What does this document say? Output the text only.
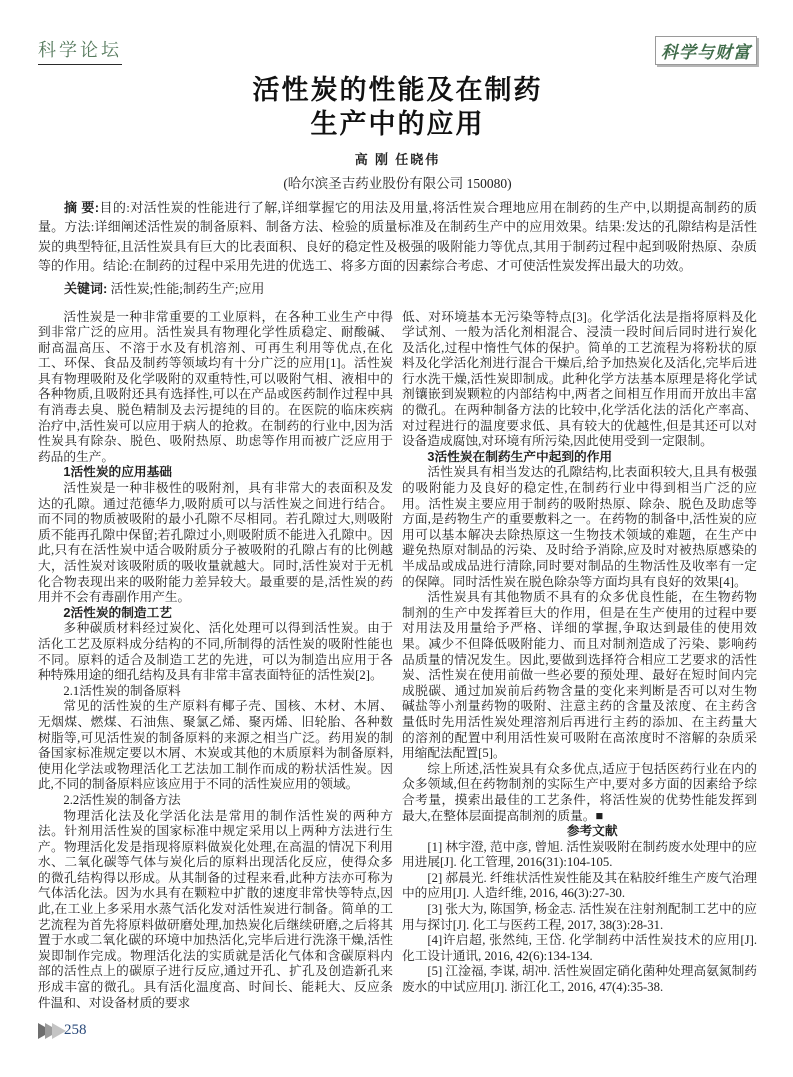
科学论坛	科学与财富
活性炭的性能及在制药
生产中的应用
高 刚 任晓伟
(哈尔滨圣吉药业股份有限公司 150080)
摘 要:目的:对活性炭的性能进行了解,详细掌握它的用法及用量,将活性炭合理地应用在制药的生产中,以期提高制药的质量。方法:详细阐述活性炭的制备原料、制备方法、检验的质量标准及在制药生产中的应用效果。结果:发达的孔隙结构是活性炭的典型特征,且活性炭具有巨大的比表面积、良好的稳定性及极强的吸附能力等优点,其用于制药过程中起到吸附热原、杂质等的作用。结论:在制药的过程中采用先进的优选工、将多方面的因素综合考虑、才可使活性炭发挥出最大的功效。
关键词: 活性炭;性能;制药生产;应用

活性炭是一种非常重要的工业原料，在各种工业生产中得到非常广泛的应用。活性炭具有物理化学性质稳定、耐酸碱、耐高温高压、不溶于水及有机溶剂、可再生利用等优点,在化工、环保、食品及制药等领域均有十分广泛的应用[1]。活性炭具有物理吸附及化学吸附的双重特性,可以吸附气相、液相中的各种物质,且吸附还具有选择性,可以在产品或医药制作过程中具有消毒去臭、脱色精制及去污提纯的目的。在医院的临床疾病治疗中,活性炭可以应用于病人的抢救。在制药的行业中,因为活性炭具有除杂、脱色、吸附热原、助虑等作用而被广泛应用于药品的生产。

1活性炭的应用基础

活性炭是一种非极性的吸附剂，具有非常大的表面积及发达的孔隙。通过范德华力,吸附质可以与活性炭之间进行结合。而不同的物质被吸附的最小孔隙不尽相同。若孔隙过大,则吸附质不能再孔隙中保留;若孔隙过小,则吸附质不能进入孔隙中。因此,只有在活性炭中适合吸附质分子被吸附的孔隙占有的比例越大，活性炭对该吸附质的吸收量就越大。同时,活性炭对于无机化合物表现出来的吸附能力差异较大。最重要的是,活性炭的药用并不会有毒副作用产生。

2活性炭的制造工艺

多种碳质材料经过炭化、活化处理可以得到活性炭。由于活化工艺及原料成分结构的不同,所制得的活性炭的吸附性能也不同。原料的适合及制造工艺的先进，可以为制造出应用于各种特殊用途的细孔结构及具有非常丰富表面特征的活性炭[2]。

2.1活性炭的制备原料

常见的活性炭的生产原料有椰子壳、国核、木材、木屑、无烟煤、燃煤、石油焦、聚氯乙烯、聚丙烯、旧轮胎、各种数树脂等,可见活性炭的制备原料的来源之相当广泛。药用炭的制备国家标准规定要以木屑、木炭或其他的木质原料为制备原料,使用化学法或物理活化工艺法加工制作而成的粉状活性炭。因此,不同的制备原料应该应用于不同的活性炭应用的领域。

2.2活性炭的制备方法

物理活化法及化学活化法是常用的制作活性炭的两种方法。针剂用活性炭的国家标准中规定采用以上两种方法进行生产。物理活化发是指现将原料做炭化处理,在高温的情况下利用水、二氧化碳等气体与炭化后的原料出现活化反应，使得众多的微孔结构得以形成。从其制备的过程来看,此种方法亦可称为气体活化法。因为水具有在颗粒中扩散的速度非常快等特点,因此,在工业上多采用水蒸气活化发对活性炭进行制备。简单的工艺流程为首先将原料做研磨处理,加热炭化后继续研磨,之后将其置于水或二氧化碳的环境中加热活化,完毕后进行洗涤干燥,活性炭即制作完成。物理活化法的实质就是活化气体和含碳原料内部的活性点上的碳原子进行反应,通过开孔、扩孔及创造新孔来形成丰富的微孔。具有活化温度高、时间长、能耗大、反应条件温和、对设备材质的要求

低、对环境基本无污染等特点[3]。化学活化法是指将原料及化学试剂、一般为活化剂相混合、浸渍一段时间后同时进行炭化及活化,过程中惰性气体的保护。简单的工艺流程为将粉状的原料及化学活化剂进行混合干燥后,给予加热炭化及活化,完毕后进行水洗干燥,活性炭即制成。此种化学方法基本原理是将化学试剂镶嵌到炭颗粒的内部结构中,两者之间相互作用而开放出丰富的微孔。在两种制备方法的比较中,化学活化法的活化产率高、对过程进行的温度要求低、具有较大的优越性,但是其还可以对设备造成腐蚀,对环境有所污染,因此使用受到一定限制。

3活性炭在制药生产中起到的作用

活性炭具有相当发达的孔隙结构,比表面积较大,且具有极强的吸附能力及良好的稳定性,在制药行业中得到相当广泛的应用。活性炭主要应用于制药的吸附热原、除杂、脱色及助虑等方面,是药物生产的重要敷料之一。在药物的制备中,活性炭的应用可以基本解决去除热原这一生物技术领域的难题，在生产中避免热原对制品的污染、及时给予消除,应及时对被热原感染的半成品或成品进行清除,同时要对制品的生物活性及收率有一定的保障。同时活性炭在脱色除杂等方面均具有良好的效果[4]。

活性炭具有其他物质不具有的众多优良性能，在生物药物制剂的生产中发挥着巨大的作用，但是在生产使用的过程中要对用法及用量给予严格、详细的掌握,争取达到最佳的使用效果。减少不但降低吸附能力、而且对制剂造成了污染、影响药品质量的情况发生。因此,要做到选择符合相应工艺要求的活性炭、活性炭在使用前做一些必要的预处理、最好在短时间内完成脱碳、通过加炭前后药物含量的变化来判断是否可以对生物碱盐等小剂量药物的吸附、注意主药的含量及浓度、在主药含量低时先用活性炭处理溶剂后再进行主药的添加、在主药量大的溶剂的配置中利用活性炭可吸附在高浓度时不溶解的杂质采用缩配法配置[5]。

综上所述,活性炭具有众多优点,适应于包括医药行业在内的众多领域,但在药物制剂的实际生产中,要对多方面的因素给予综合考量，摸索出最佳的工艺条件，将活性炭的优势性能发挥到最大,在整体层面提高制剂的质量。■

参考文献

[1] 林宇澄, 范中彦, 曾旭. 活性炭吸附在制药废水处理中的应用进展[J]. 化工管理, 2016(31):104-105.

[2] 郝晨光. 纤维状活性炭性能及其在粘胶纤维生产废气治理中的应用[J]. 人造纤维, 2016, 46(3):27-30.

[3] 张大为, 陈国笋, 杨金志. 活性炭在注射剂配制工艺中的应用与探讨[J]. 化工与医药工程, 2017, 38(3):28-31.

[4]许启超, 张然纯, 王岱. 化学制药中活性炭技术的应用[J]. 化工设计通讯, 2016, 42(6):134-134.

[5] 江淦福, 李谋, 胡冲. 活性炭固定硝化菌种处理高氨氮制药废水的中试应用[J]. 浙江化工, 2016, 47(4):35-38.

258
